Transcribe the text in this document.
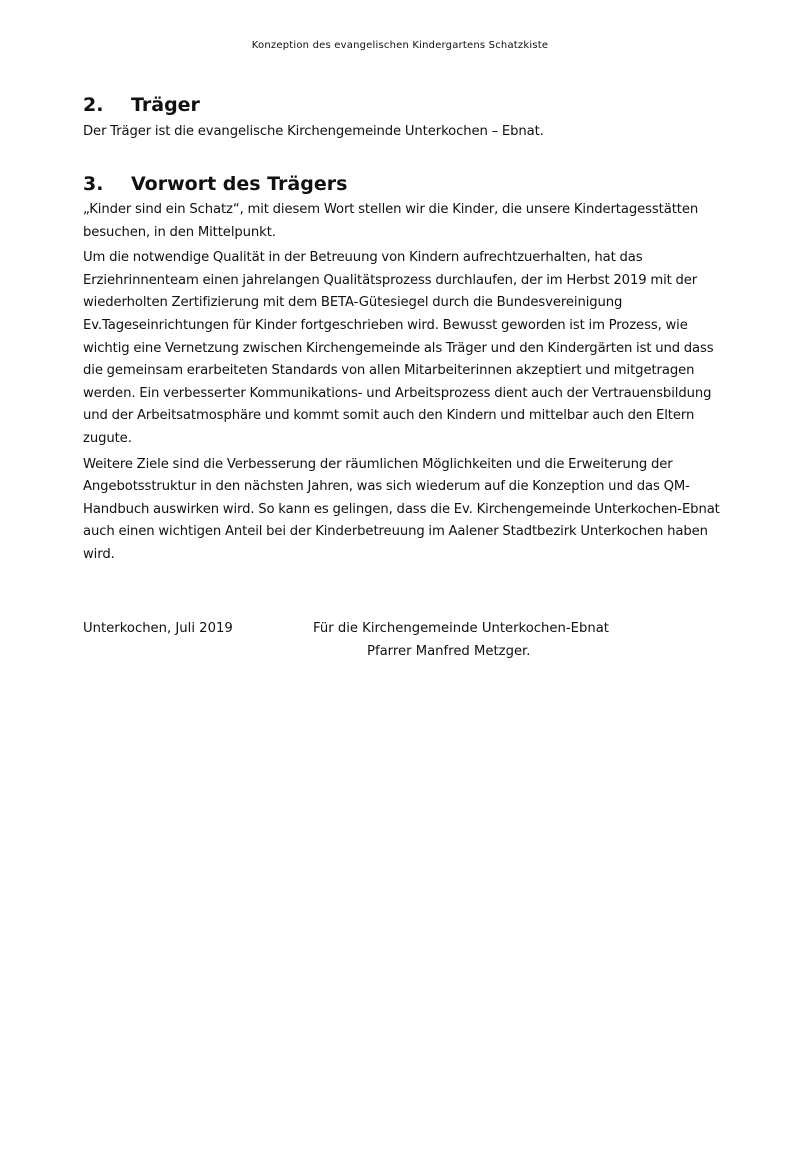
Konzeption des evangelischen Kindergartens Schatzkiste
2.	Träger

Der Träger ist die evangelische Kirchengemeinde Unterkochen – Ebnat.

3.	Vorwort des Trägers

„Kinder sind ein Schatz“, mit diesem Wort stellen wir die Kinder, die unsere Kindertagesstätten besuchen, in den Mittelpunkt.

Um die notwendige Qualität in der Betreuung von Kindern aufrechtzuerhalten, hat das Erziehrinnenteam einen jahrelangen Qualitätsprozess durchlaufen, der im Herbst 2019 mit der wiederholten Zertifizierung mit dem BETA-Gütesiegel durch die Bundesvereinigung Ev.Tageseinrichtungen für Kinder fortgeschrieben wird. Bewusst geworden ist im Prozess, wie wichtig eine Vernetzung zwischen Kirchengemeinde als Träger und den Kindergärten ist und dass die gemeinsam erarbeiteten Standards von allen Mitarbeiterinnen akzeptiert und mitgetragen werden. Ein verbesserter Kommunikations- und Arbeitsprozess dient auch der Vertrauensbildung und der Arbeitsatmosphäre und kommt somit auch den Kindern und mittelbar auch den Eltern zugute.

Weitere Ziele sind die Verbesserung der räumlichen Möglichkeiten und die Erweiterung der Angebotsstruktur in den nächsten Jahren, was sich wiederum auf die Konzeption und das QM-Handbuch auswirken wird. So kann es gelingen, dass die Ev. Kirchengemeinde Unterkochen-Ebnat auch einen wichtigen Anteil bei der Kinderbetreuung im Aalener Stadtbezirk Unterkochen haben wird.

Unterkochen, Juli 2019	Für die Kirchengemeinde Unterkochen-Ebnat
Pfarrer Manfred Metzger.
